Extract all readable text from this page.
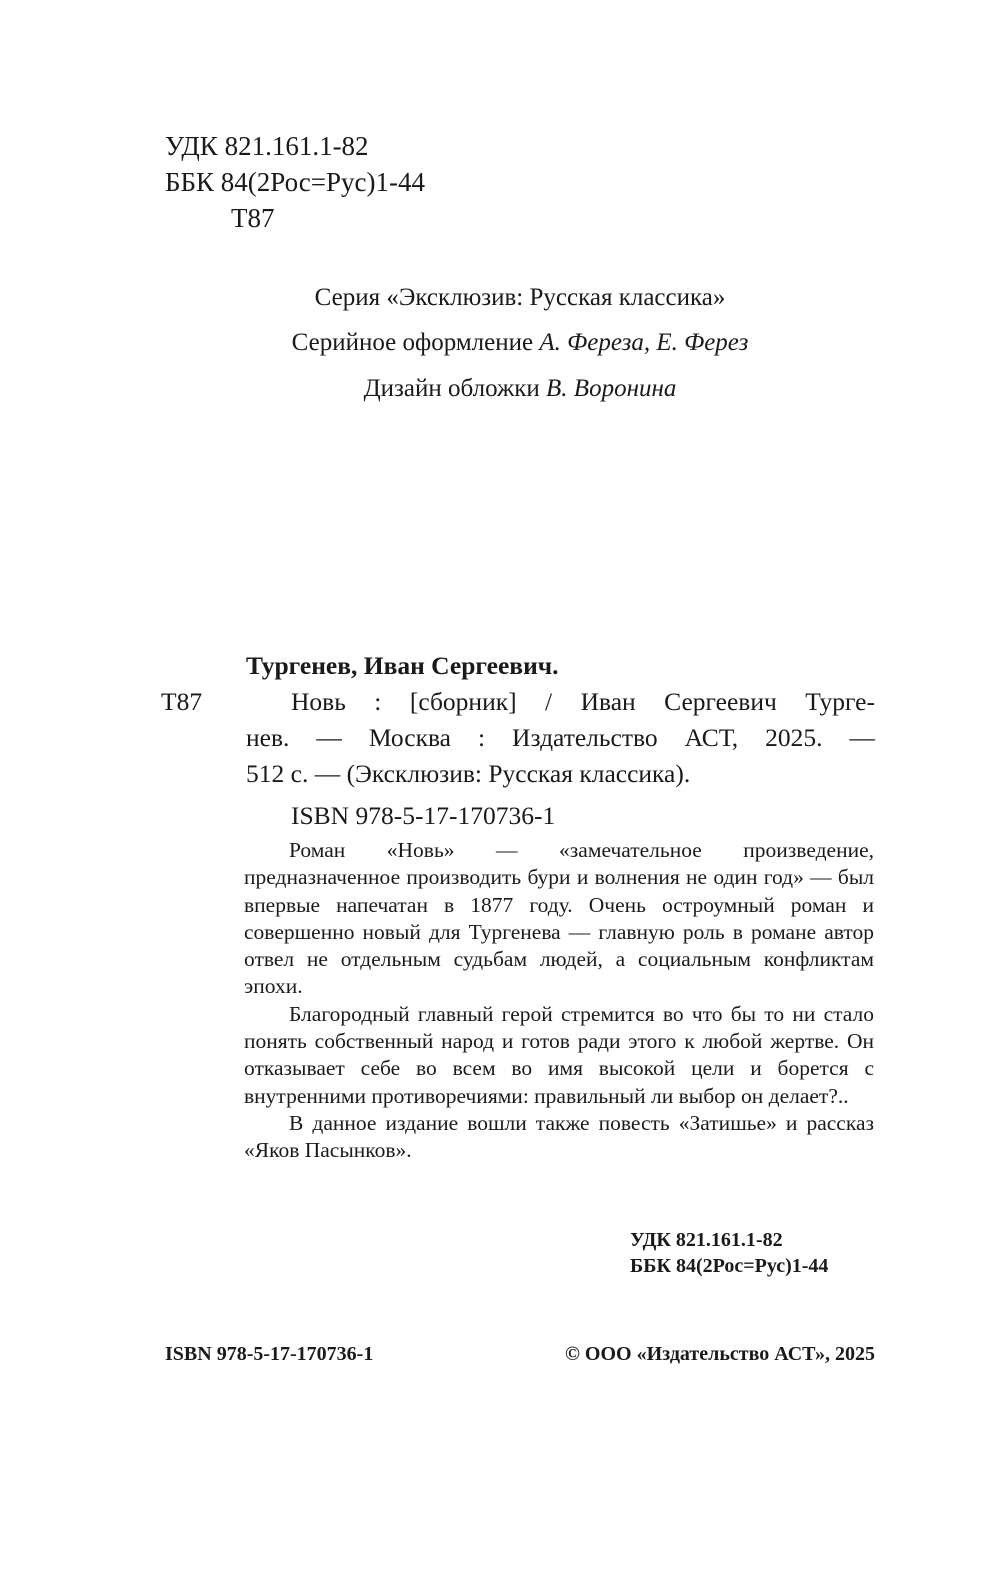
УДК 821.161.1-82
ББК 84(2Рос=Рус)1-44
Т87
Серия «Эксклюзив: Русская классика»
Серийное оформление А. Фереза, Е. Ферез
Дизайн обложки В. Воронина
Тургенев, Иван Сергеевич.
Т87	Новь : [сборник] / Иван Сергеевич Турге-
нев. — Москва : Издательство АСТ, 2025. —
512 с. — (Эксклюзив: Русская классика).
ISBN 978-5-17-170736-1

Роман «Новь» — «замечательное произведение, предназначенное производить бури и волнения не один год» — был впервые напечатан в 1877 году. Очень остроумный роман и совершенно новый для Тургенева — главную роль в романе автор отвел не отдельным судьбам людей, а социальным конфликтам эпохи.

Благородный главный герой стремится во что бы то ни стало понять собственный народ и готов ради этого к любой жертве. Он отказывает себе во всем во имя высокой цели и борется с внутренними противоречиями: правильный ли выбор он делает?..

В данное издание вошли также повесть «Затишье» и рассказ «Яков Пасынков».

УДК 821.161.1-82
ББК 84(2Рос=Рус)1-44
ISBN 978-5-17-170736-1	© ООО «Издательство АСТ», 2025
